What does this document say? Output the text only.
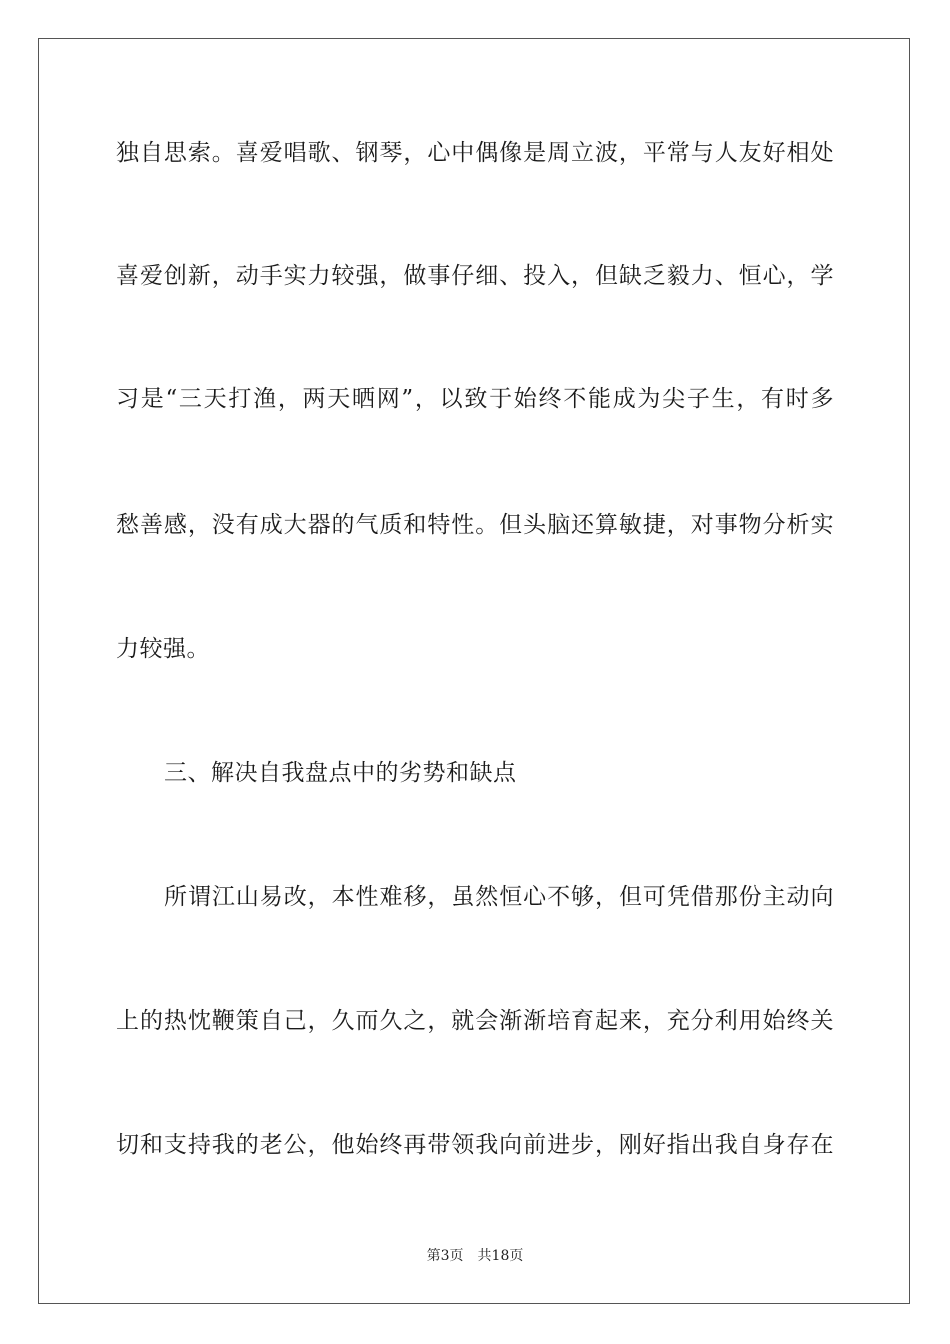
独自思索。喜爱唱歌、钢琴，心中偶像是周立波，平常与人友好相处
喜爱创新，动手实力较强，做事仔细、投入，但缺乏毅力、恒心，学
习是“三天打渔，两天晒网”，以致于始终不能成为尖子生，有时多
愁善感，没有成大器的气质和特性。但头脑还算敏捷，对事物分析实
力较强。
三、解决自我盘点中的劣势和缺点
所谓江山易改，本性难移，虽然恒心不够，但可凭借那份主动向
上的热忱鞭策自己，久而久之，就会渐渐培育起来，充分利用始终关
切和支持我的老公，他始终再带领我向前进步，刚好指出我自身存在
第3页 共18页
